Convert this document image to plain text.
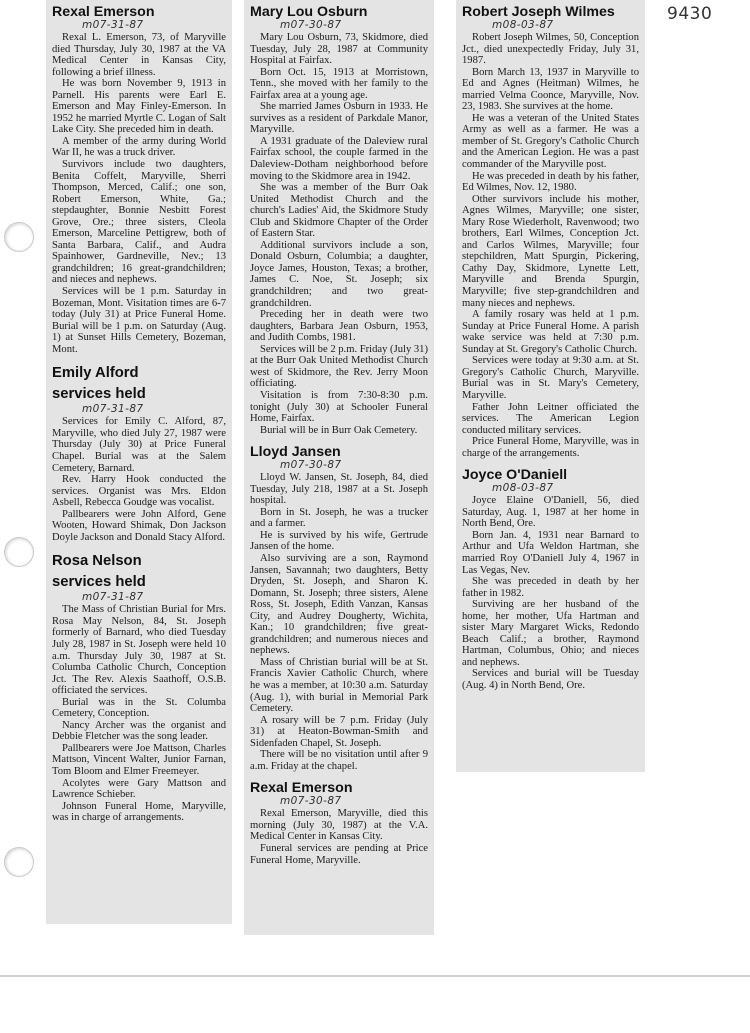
9430
Rexal Emerson
m07-31-87

Rexal L. Emerson, 73, of Maryville died Thursday, July 30, 1987 at the VA Medical Center in Kansas City, following a brief illness.

He was born November 9, 1913 in Parnell. His parents were Earl E. Emerson and May Finley-Emerson. In 1952 he married Myrtle C. Logan of Salt Lake City. She preceded him in death.

A member of the army during World War II, he was a truck driver.

Survivors include two daughters, Benita Coffelt, Maryville, Sherri Thompson, Merced, Calif.; one son, Robert Emerson, White, Ga.; stepdaughter, Bonnie Nesbitt Forest Grove, Ore.; three sisters, Cleola Emerson, Marceline Pettigrew, both of Santa Barbara, Calif., and Audra Spainhower, Gardneville, Nev.; 13 grandchildren; 16 great-grandchildren; and nieces and nephews.

Services will be 1 p.m. Saturday in Bozeman, Mont. Visitation times are 6-7 today (July 31) at Price Funeral Home. Burial will be 1 p.m. on Saturday (Aug. 1) at Sunset Hills Cemetery, Bozeman, Mont.

Emily Alford
services held
m07-31-87

Services for Emily C. Alford, 87, Maryville, who died July 27, 1987 were Thursday (July 30) at Price Funeral Chapel. Burial was at the Salem Cemetery, Barnard.

Rev. Harry Hook conducted the services. Organist was Mrs. Eldon Asbell, Rebecca Goudge was vocalist.

Pallbearers were John Alford, Gene Wooten, Howard Shimak, Don Jackson Doyle Jackson and Donald Stacy Alford.

Rosa Nelson
services held
m07-31-87

The Mass of Christian Burial for Mrs. Rosa May Nelson, 84, St. Joseph formerly of Barnard, who died Tuesday July 28, 1987 in St. Joseph were held 10 a.m. Thursday July 30, 1987 at St. Columba Catholic Church, Conception Jct. The Rev. Alexis Saathoff, O.S.B. officiated the services.

Burial was in the St. Columba Cemetery, Conception.

Nancy Archer was the organist and Debbie Fletcher was the song leader.

Pallbearers were Joe Mattson, Charles Mattson, Vincent Walter, Junior Farnan, Tom Bloom and Elmer Freemeyer.

Acolytes were Gary Mattson and Lawrence Schieber.

Johnson Funeral Home, Maryville, was in charge of arrangements.

Mary Lou Osburn
m07-30-87

Mary Lou Osburn, 73, Skidmore, died Tuesday, July 28, 1987 at Community Hospital at Fairfax.

Born Oct. 15, 1913 at Morristown, Tenn., she moved with her family to the Fairfax area at a young age.

She married James Osburn in 1933. He survives as a resident of Parkdale Manor, Maryville.

A 1931 graduate of the Daleview rural Fairfax school, the couple farmed in the Daleview-Dotham neighborhood before moving to the Skidmore area in 1942.

She was a member of the Burr Oak United Methodist Church and the church's Ladies' Aid, the Skidmore Study Club and Skidmore Chapter of the Order of Eastern Star.

Additional survivors include a son, Donald Osburn, Columbia; a daughter, Joyce James, Houston, Texas; a brother, James C. Noe, St. Joseph; six grandchildren; and two great-grandchildren.

Preceding her in death were two daughters, Barbara Jean Osburn, 1953, and Judith Combs, 1981.

Services will be 2 p.m. Friday (July 31) at the Burr Oak United Methodist Church west of Skidmore, the Rev. Jerry Moon officiating.

Visitation is from 7:30-8:30 p.m. tonight (July 30) at Schooler Funeral Home, Fairfax.

Burial will be in Burr Oak Cemetery.

Lloyd Jansen
m07-30-87

Lloyd W. Jansen, St. Joseph, 84, died Tuesday, July 218, 1987 at a St. Joseph hospital.

Born in St. Joseph, he was a trucker and a farmer.

He is survived by his wife, Gertrude Jansen of the home.

Also surviving are a son, Raymond Jansen, Savannah; two daughters, Betty Dryden, St. Joseph, and Sharon K. Domann, St. Joseph; three sisters, Alene Ross, St. Joseph, Edith Vanzan, Kansas City, and Audrey Dougherty, Wichita, Kan.; 10 grandchildren; five great-grandchildren; and numerous nieces and nephews.

Mass of Christian burial will be at St. Francis Xavier Catholic Church, where he was a member, at 10:30 a.m. Saturday (Aug. 1), with burial in Memorial Park Cemetery.

A rosary will be 7 p.m. Friday (July 31) at Heaton-Bowman-Smith and Sidenfaden Chapel, St. Joseph.

There will be no visitation until after 9 a.m. Friday at the chapel.

Rexal Emerson
m07-30-87

Rexal Emerson, Maryville, died this morning (July 30, 1987) at the V.A. Medical Center in Kansas City.

Funeral services are pending at Price Funeral Home, Maryville.

Robert Joseph Wilmes
m08-03-87

Robert Joseph Wilmes, 50, Conception Jct., died unexpectedly Friday, July 31, 1987.

Born March 13, 1937 in Maryville to Ed and Agnes (Heitman) Wilmes, he married Velma Coonce, Maryville, Nov. 23, 1983. She survives at the home.

He was a veteran of the United States Army as well as a farmer. He was a member of St. Gregory's Catholic Church and the American Legion. He was a past commander of the Maryville post.

He was preceded in death by his father, Ed Wilmes, Nov. 12, 1980.

Other survivors include his mother, Agnes Wilmes, Maryville; one sister, Mary Rose Wiederholt, Ravenwood; two brothers, Earl Wilmes, Conception Jct. and Carlos Wilmes, Maryville; four stepchildren, Matt Spurgin, Pickering, Cathy Day, Skidmore, Lynette Lett, Maryville and Brenda Spurgin, Maryville; five step-grandchildren and many nieces and nephews.

A family rosary was held at 1 p.m. Sunday at Price Funeral Home. A parish wake service was held at 7:30 p.m. Sunday at St. Gregory's Catholic Church.

Services were today at 9:30 a.m. at St. Gregory's Catholic Church, Maryville. Burial was in St. Mary's Cemetery, Maryville.

Father John Leitner officiated the services. The American Legion conducted military services.

Price Funeral Home, Maryville, was in charge of the arrangements.

Joyce O'Daniell
m08-03-87

Joyce Elaine O'Daniell, 56, died Saturday, Aug. 1, 1987 at her home in North Bend, Ore.

Born Jan. 4, 1931 near Barnard to Arthur and Ufa Weldon Hartman, she married Roy O'Daniell July 4, 1967 in Las Vegas, Nev.

She was preceded in death by her father in 1982.

Surviving are her husband of the home, her mother, Ufa Hartman and sister Mary Margaret Wicks, Redondo Beach Calif.; a brother, Raymond Hartman, Columbus, Ohio; and nieces and nephews.

Services and burial will be Tuesday (Aug. 4) in North Bend, Ore.
